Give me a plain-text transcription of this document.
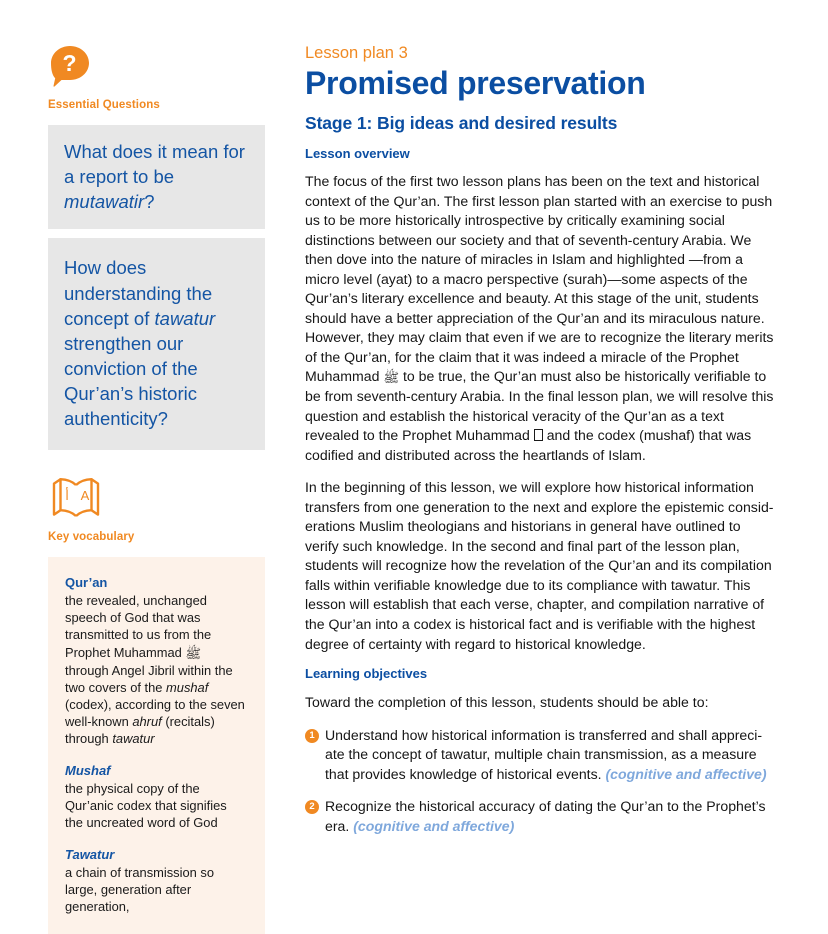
?
Essential Questions
What does it mean for a report to be mutawatir?
How does understanding the concept of tawatur strengthen our conviction of the Qur’an’s historic authenticity?
أ A
Key vocabulary
Qur’an
the revealed, unchanged speech of God that was transmitted to us from the Prophet Muhammad ﷺ through Angel Jibril within the two covers of the mushaf (codex), according to the seven well-known ahruf (recitals) through tawatur
Mushaf
the physical copy of the Qur’anic codex that signifies the uncreated word of God
Tawatur
a chain of transmission so large, generation after generation,
Lesson plan 3
Promised preservation
Stage 1: Big ideas and desired results
Lesson overview
The focus of the first two lesson plans has been on the text and historical context of the Qur’an. The first lesson plan started with an exercise to push us to be more historically introspective by critically examining social distinctions between our society and that of seventh-century Arabia. We then dove into the nature of miracles in Islam and highlighted —from a micro level (ayat) to a macro perspective (surah)—some aspects of the Qur’an’s literary excellence and beauty. At this stage of the unit, students should have a better appreciation of the Qur’an and its miraculous nature. However, they may claim that even if we are to recognize the literary merits of the Qur’an, for the claim that it was indeed a miracle of the Prophet Muhammad ﷺ to be true, the Qur’an must also be historically verifiable to be from seventh-century Arabia. In the final lesson plan, we will resolve this question and establish the historical veracity of the Qur’an as a text revealed to the Prophet Muhammad and the codex (mushaf) that was codified and distributed across the heartlands of Islam.
In the beginning of this lesson, we will explore how historical information transfers from one generation to the next and explore the epistemic consid-erations Muslim theologians and historians in general have outlined to verify such knowledge. In the second and final part of the lesson plan, students will recognize how the revelation of the Qur’an and its compilation falls within verifiable knowledge due to its compliance with tawatur. This lesson will establish that each verse, chapter, and compilation narrative of the Qur’an into a codex is historical fact and is verifiable with the highest degree of certainty with regard to historical knowledge.
Learning objectives
Toward the completion of this lesson, students should be able to:
1 Understand how historical information is transferred and shall appreci-ate the concept of tawatur, multiple chain transmission, as a measure that provides knowledge of historical events. (cognitive and affective)
2 Recognize the historical accuracy of dating the Qur’an to the Prophet’s era. (cognitive and affective)
